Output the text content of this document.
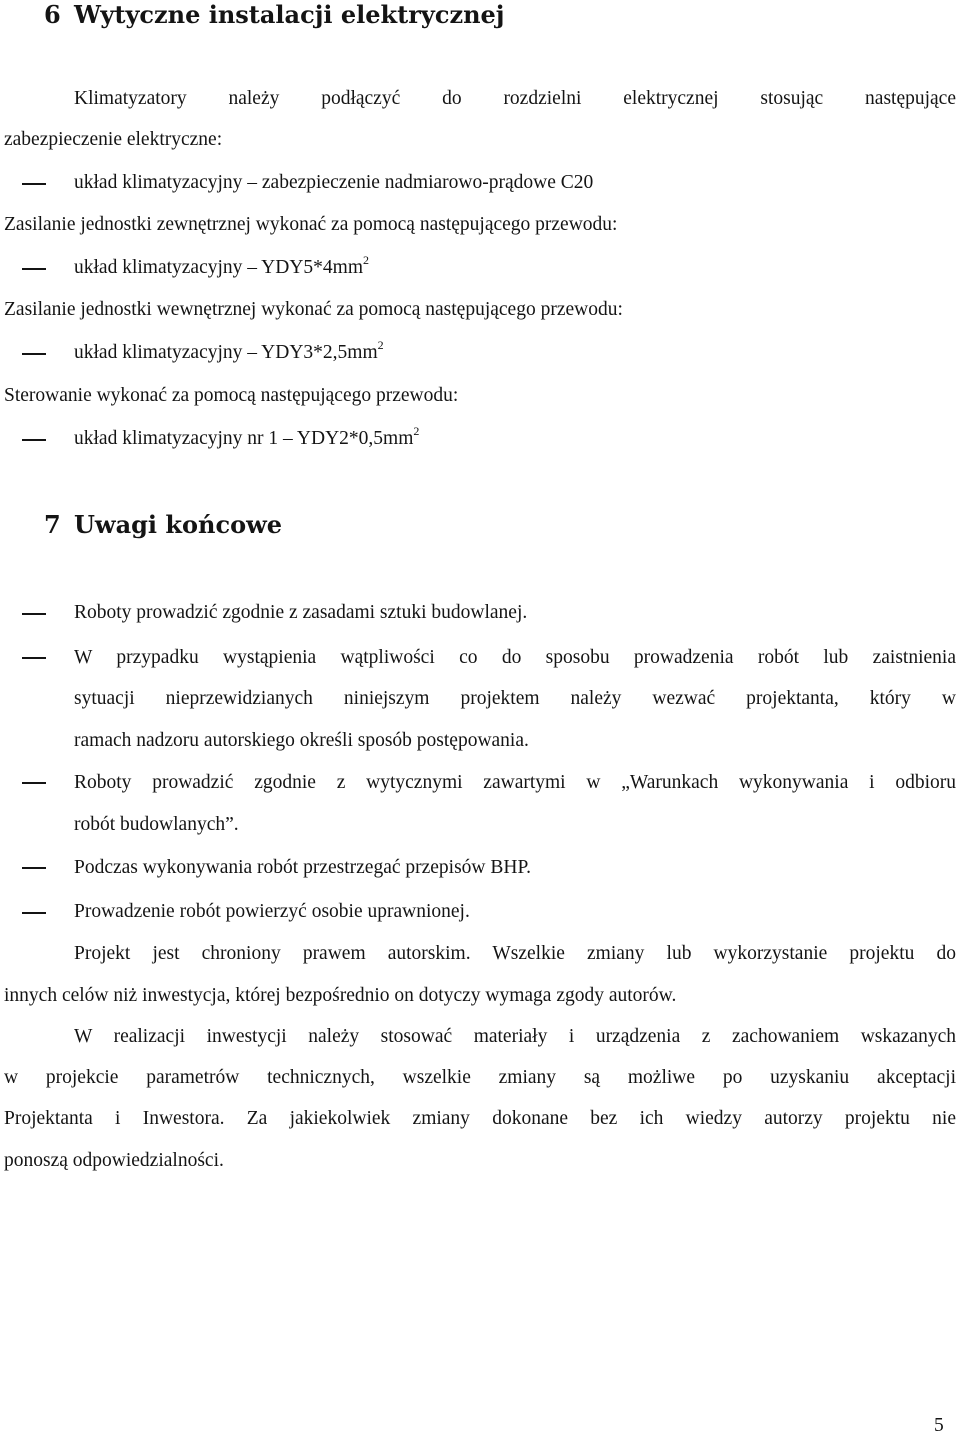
6 Wytyczne instalacji elektrycznej

Klimatyzatory należy podłączyć do rozdzielni elektrycznej stosując następujące

zabezpieczenie elektryczne:

układ klimatyzacyjny – zabezpieczenie nadmiarowo-prądowe C20

Zasilanie jednostki zewnętrznej wykonać za pomocą następującego przewodu:

układ klimatyzacyjny – $YDY5*4mm^2$

Zasilanie jednostki wewnętrznej wykonać za pomocą następującego przewodu:

układ klimatyzacyjny – $YDY3*2,5mm^2$

Sterowanie wykonać za pomocą następującego przewodu:

układ klimatyzacyjny nr $1 - YDY2*0,5mm^2$

7 Uwagi końcowe

Roboty prowadzić zgodnie z zasadami sztuki budowlanej.

W przypadku wystąpienia wątpliwości co do sposobu prowadzenia robót lub zaistnienia

sytuacji nieprzewidzianych niniejszym projektem należy wezwać projektanta, który w

ramach nadzoru autorskiego określi sposób postępowania.

Roboty prowadzić zgodnie z wytycznymi zawartymi w „Warunkach wykonywania i odbioru

robót budowlanych”.

Podczas wykonywania robót przestrzegać przepisów BHP.

Prowadzenie robót powierzyć osobie uprawnionej.

Projekt jest chroniony prawem autorskim. Wszelkie zmiany lub wykorzystanie projektu do

innych celów niż inwestycja, której bezpośrednio on dotyczy wymaga zgody autorów.

W realizacji inwestycji należy stosować materiały i urządzenia z zachowaniem wskazanych

w projekcie parametrów technicznych, wszelkie zmiany są możliwe po uzyskaniu akceptacji

Projektanta i Inwestora. Za jakiekolwiek zmiany dokonane bez ich wiedzy autorzy projektu nie

ponoszą odpowiedzialności.

5
